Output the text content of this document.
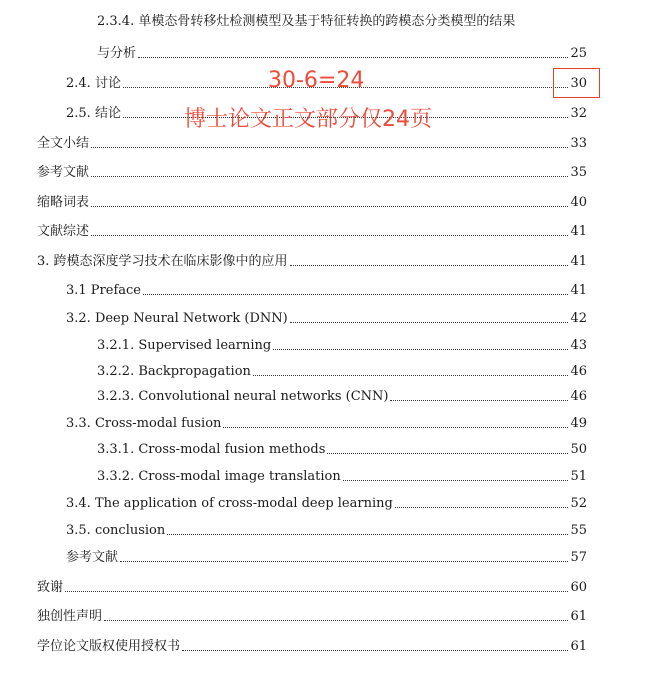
2.3.4. 单模态骨转移灶检测模型及基于特征转换的跨模态分类模型的结果
与分析	25
2.4. 讨论	30
2.5. 结论	32
全文小结	33
参考文献	35
缩略词表	40
文献综述	41
3. 跨模态深度学习技术在临床影像中的应用	41
3.1 Preface	41
3.2. Deep Neural Network (DNN)	42
3.2.1. Supervised learning	43
3.2.2. Backpropagation	46
3.2.3. Convolutional neural networks (CNN)	46
3.3. Cross-modal fusion	49
3.3.1. Cross-modal fusion methods	50
3.3.2. Cross-modal image translation	51
3.4. The application of cross-modal deep learning	52
3.5. conclusion	55
参考文献	57
致谢	60
独创性声明	61
学位论文版权使用授权书	61
30-6=24
博士论文正文部分仅24页
